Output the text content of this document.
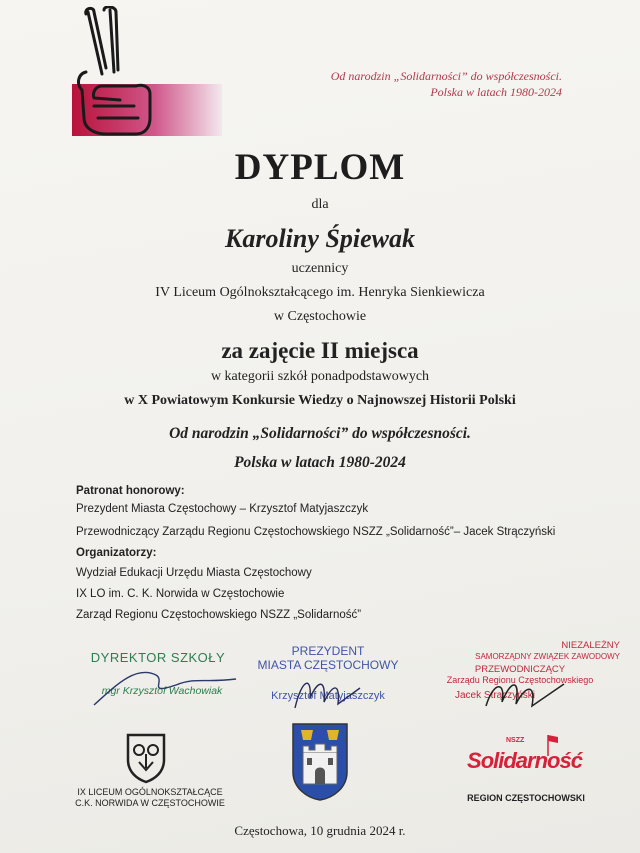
Od narodzin „Solidarności” do współczesności.
Polska w latach 1980-2024
DYPLOM
dla
Karoliny Śpiewak
uczennicy
IV Liceum Ogólnokształcącego im. Henryka Sienkiewicza
w Częstochowie
za zajęcie II miejsca
w kategorii szkół ponadpodstawowych
w X Powiatowym Konkursie Wiedzy o Najnowszej Historii Polski
Od narodzin „Solidarności” do współczesności.
Polska w latach 1980-2024
Patronat honorowy:
Prezydent Miasta Częstochowy – Krzysztof Matyjaszczyk
Przewodniczący Zarządu Regionu Częstochowskiego NSZZ „Solidarność”– Jacek Strączyński
Organizatorzy:
Wydział Edukacji Urzędu Miasta Częstochowy
IX LO im. C. K. Norwida w Częstochowie
Zarząd Regionu Częstochowskiego NSZZ „Solidarność”
DYREKTOR SZKOŁY
mgr Krzysztof Wachowiak
PREZYDENT
MIASTA CZĘSTOCHOWY
Krzysztof Matyjaszczyk
NIEZALEŻNY
SAMORZĄDNY ZWIĄZEK ZAWODOWY
PRZEWODNICZĄCY
Zarządu Regionu Częstochowskiego
Jacek Strączyński
IX LICEUM OGÓLNOKSZTAŁCĄCE
C.K. NORWIDA W CZĘSTOCHOWIE
NSZZ
Solidarność
REGION CZĘSTOCHOWSKI
Częstochowa, 10 grudnia 2024 r.
